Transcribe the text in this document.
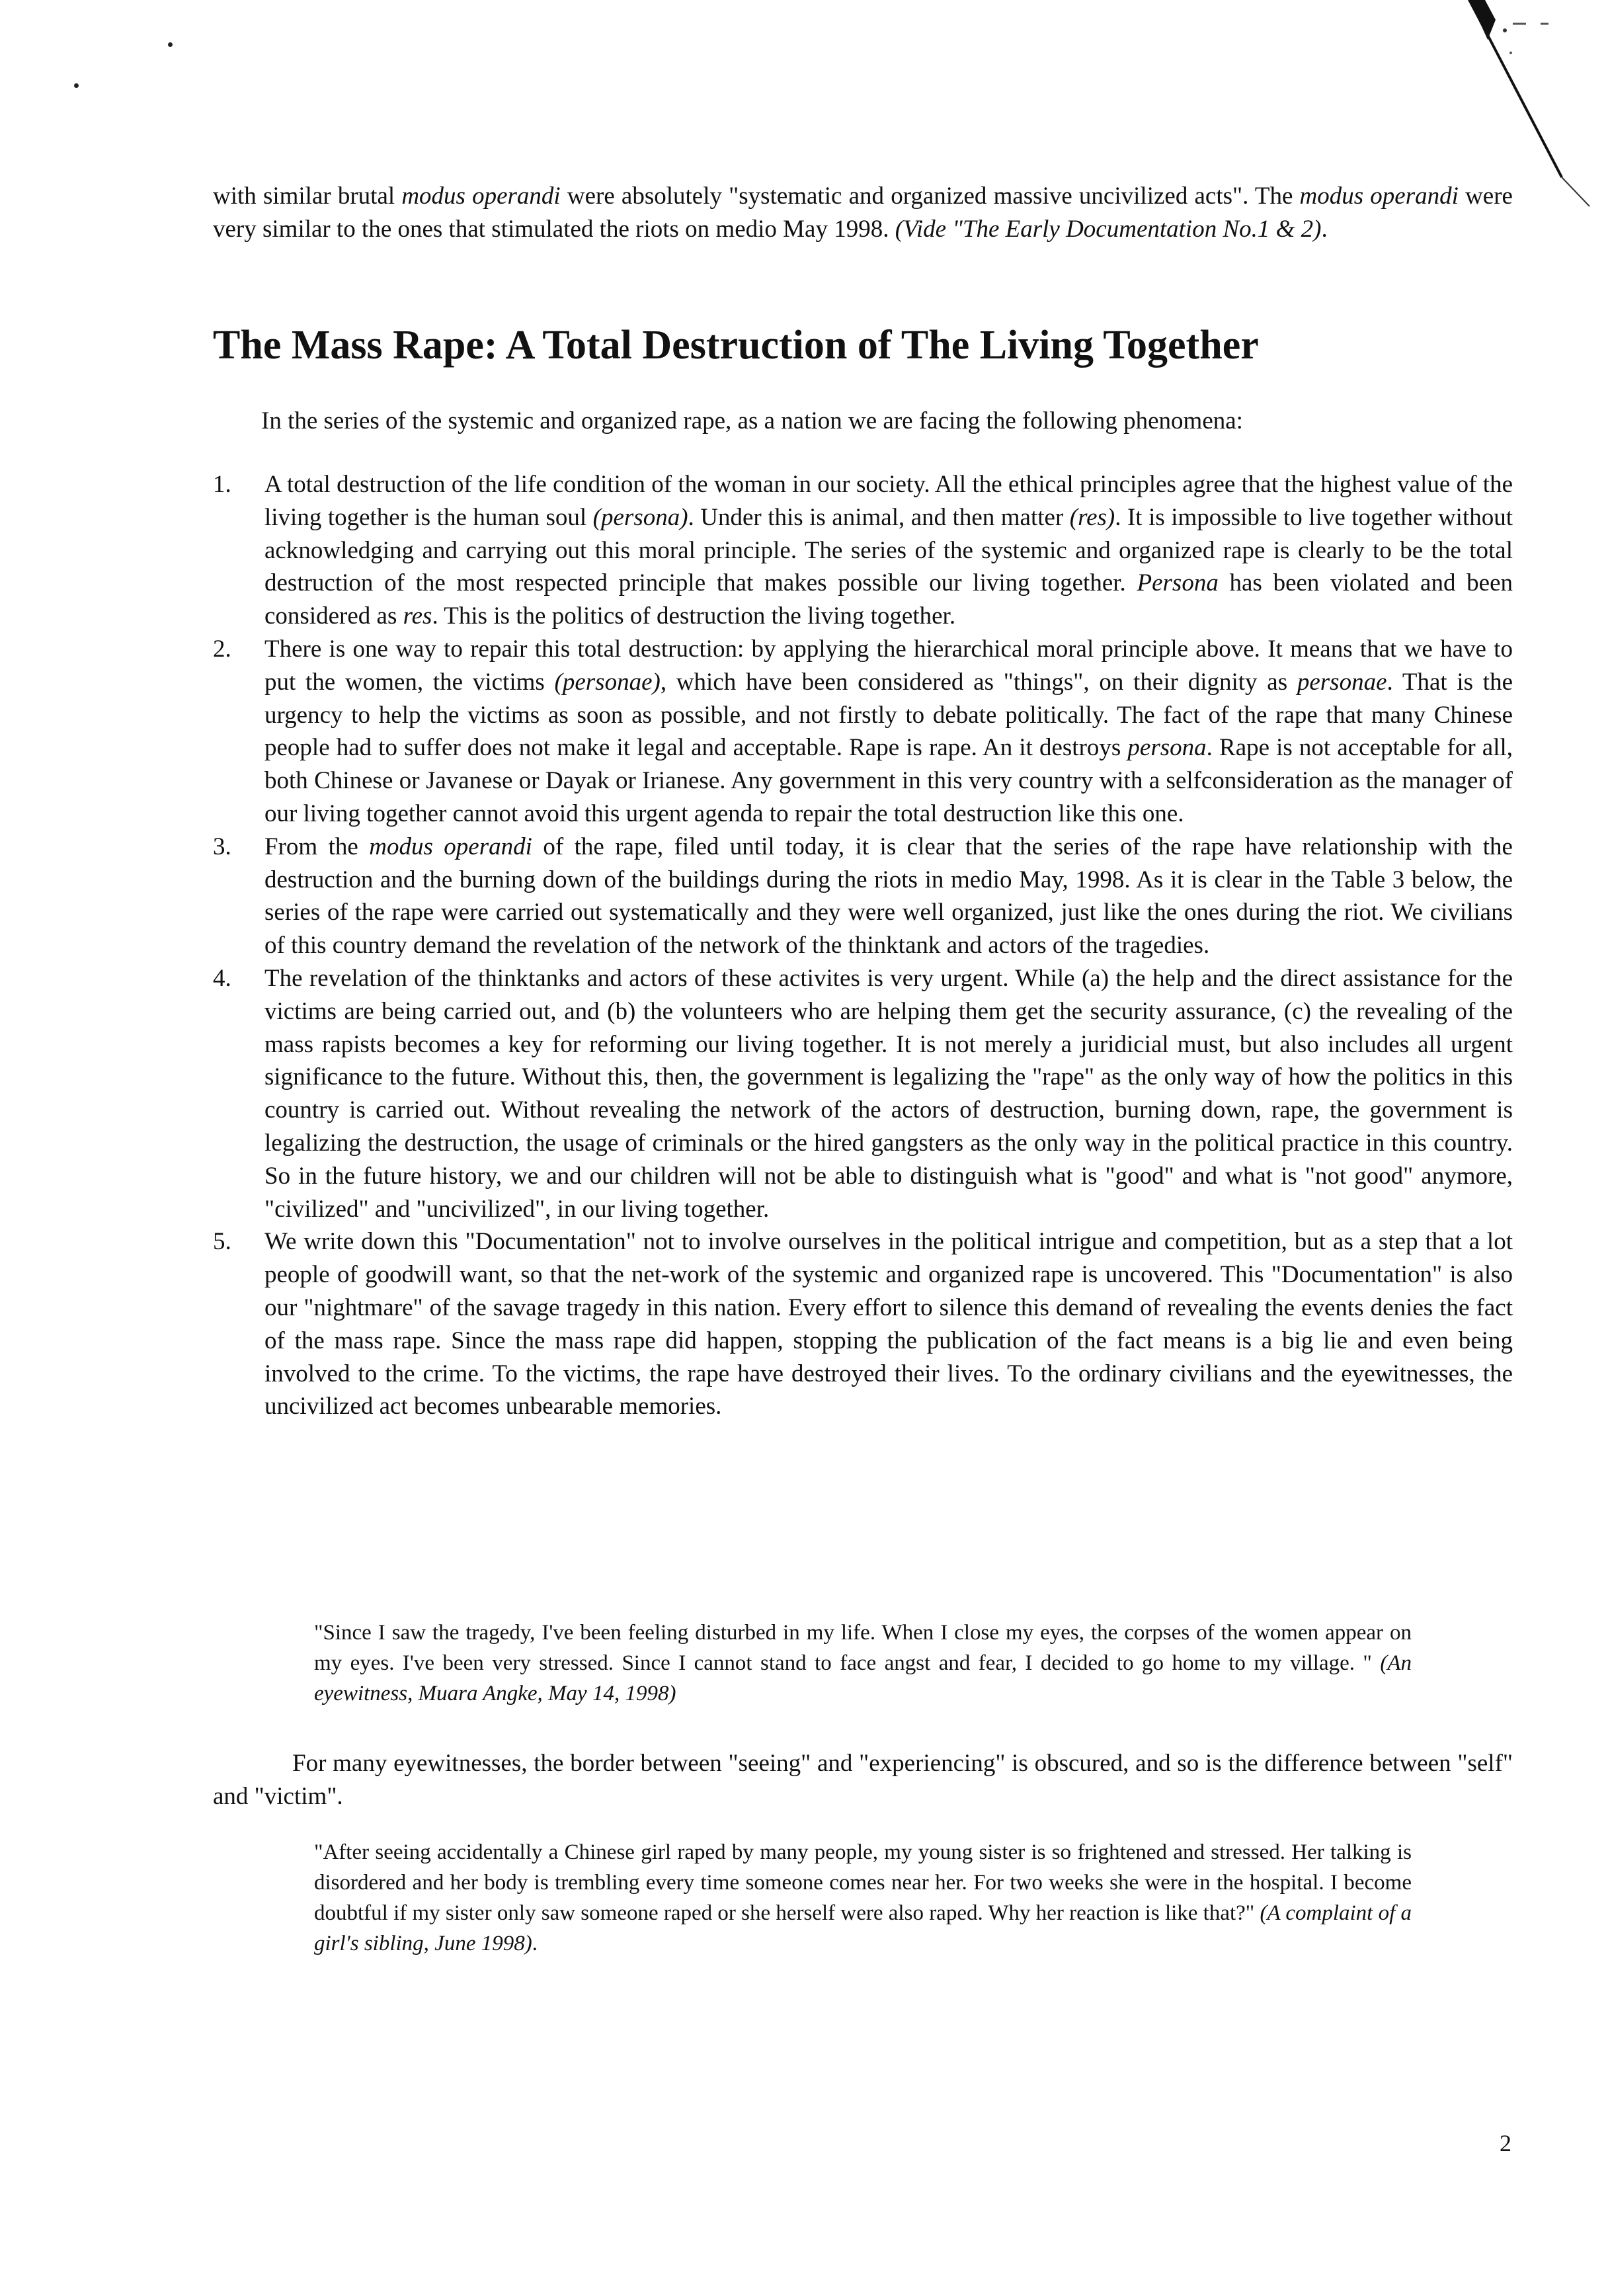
with similar brutal modus operandi were absolutely "systematic and organized massive uncivilized acts". The modus operandi were very similar to the ones that stimulated the riots on medio May 1998. (Vide "The Early Documentation No.1 & 2).
The Mass Rape: A Total Destruction of The Living Together
In the series of the systemic and organized rape, as a nation we are facing the following phenomena:
1.	A total destruction of the life condition of the woman in our society. All the ethical principles agree that the highest value of the living together is the human soul (persona). Under this is animal, and then matter (res). It is impossible to live together without acknowledging and carrying out this moral principle. The series of the systemic and organized rape is clearly to be the total destruction of the most respected principle that makes possible our living together. Persona has been violated and been considered as res. This is the politics of destruction the living together.
2.	There is one way to repair this total destruction: by applying the hierarchical moral principle above. It means that we have to put the women, the victims (personae), which have been considered as "things", on their dignity as personae. That is the urgency to help the victims as soon as possible, and not firstly to debate politically. The fact of the rape that many Chinese people had to suffer does not make it legal and acceptable. Rape is rape. An it destroys persona. Rape is not acceptable for all, both Chinese or Javanese or Dayak or Irianese. Any government in this very country with a selfconsideration as the manager of our living together cannot avoid this urgent agenda to repair the total destruction like this one.
3.	From the modus operandi of the rape, filed until today, it is clear that the series of the rape have relationship with the destruction and the burning down of the buildings during the riots in medio May, 1998. As it is clear in the Table 3 below, the series of the rape were carried out systematically and they were well organized, just like the ones during the riot. We civilians of this country demand the revelation of the network of the thinktank and actors of the tragedies.
4.	The revelation of the thinktanks and actors of these activites is very urgent. While (a) the help and the direct assistance for the victims are being carried out, and (b) the volunteers who are helping them get the security assurance, (c) the revealing of the mass rapists becomes a key for reforming our living together. It is not merely a juridicial must, but also includes all urgent significance to the future. Without this, then, the government is legalizing the "rape" as the only way of how the politics in this country is carried out. Without revealing the network of the actors of destruction, burning down, rape, the government is legalizing the destruction, the usage of criminals or the hired gangsters as the only way in the political practice in this country. So in the future history, we and our children will not be able to distinguish what is "good" and what is "not good" anymore, "civilized" and "uncivilized", in our living together.
5.	We write down this "Documentation" not to involve ourselves in the political intrigue and competition, but as a step that a lot people of goodwill want, so that the net-work of the systemic and organized rape is uncovered. This "Documentation" is also our "nightmare" of the savage tragedy in this nation. Every effort to silence this demand of revealing the events denies the fact of the mass rape. Since the mass rape did happen, stopping the publication of the fact means is a big lie and even being involved to the crime. To the victims, the rape have destroyed their lives. To the ordinary civilians and the eyewitnesses, the uncivilized act becomes unbearable memories.
"Since I saw the tragedy, I've been feeling disturbed in my life. When I close my eyes, the corpses of the women appear on my eyes. I've been very stressed. Since I cannot stand to face angst and fear, I decided to go home to my village. " (An eyewitness, Muara Angke, May 14, 1998)
For many eyewitnesses, the border between "seeing" and "experiencing" is obscured, and so is the difference between "self" and "victim".
"After seeing accidentally a Chinese girl raped by many people, my young sister is so frightened and stressed. Her talking is disordered and her body is trembling every time someone comes near her. For two weeks she were in the hospital. I become doubtful if my sister only saw someone raped or she herself were also raped. Why her reaction is like that?" (A complaint of a girl's sibling, June 1998).
2
